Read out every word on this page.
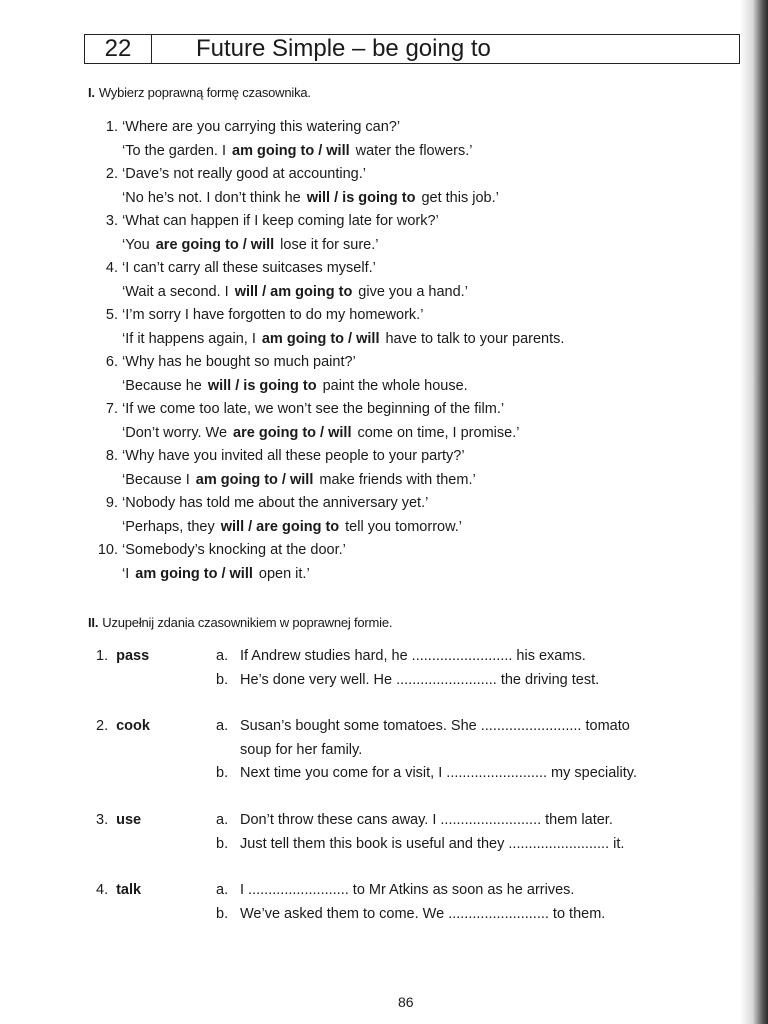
22	Future Simple – be going to
I. Wybierz poprawną formę czasownika.
1. ‘Where are you carrying this watering can?’
‘To the garden. I am going to / will water the flowers.’
2. ‘Dave’s not really good at accounting.’
‘No he’s not. I don’t think he will / is going to get this job.’
3. ‘What can happen if I keep coming late for work?’
‘You are going to / will lose it for sure.’
4. ‘I can’t carry all these suitcases myself.’
‘Wait a second. I will / am going to give you a hand.’
5. ‘I’m sorry I have forgotten to do my homework.’
‘If it happens again, I am going to / will have to talk to your parents.
6. ‘Why has he bought so much paint?’
‘Because he will / is going to paint the whole house.
7. ‘If we come too late, we won’t see the beginning of the film.’
‘Don’t worry. We are going to / will come on time, I promise.’
8. ‘Why have you invited all these people to your party?’
‘Because I am going to / will make friends with them.’
9. ‘Nobody has told me about the anniversary yet.’
‘Perhaps, they will / are going to tell you tomorrow.’
10. ‘Somebody’s knocking at the door.’
‘I am going to / will open it.’
II. Uzupełnij zdania czasownikiem w poprawnej formie.
1. pass	a. If Andrew studies hard, he ......................... his exams.
b. He’s done very well. He ......................... the driving test.
2. cook	a. Susan’s bought some tomatoes. She ......................... tomato
soup for her family.
b. Next time you come for a visit, I ......................... my speciality.
3. use	a. Don’t throw these cans away. I ......................... them later.
b. Just tell them this book is useful and they ......................... it.
4. talk	a. I ......................... to Mr Atkins as soon as he arrives.
b. We’ve asked them to come. We ......................... to them.
86
